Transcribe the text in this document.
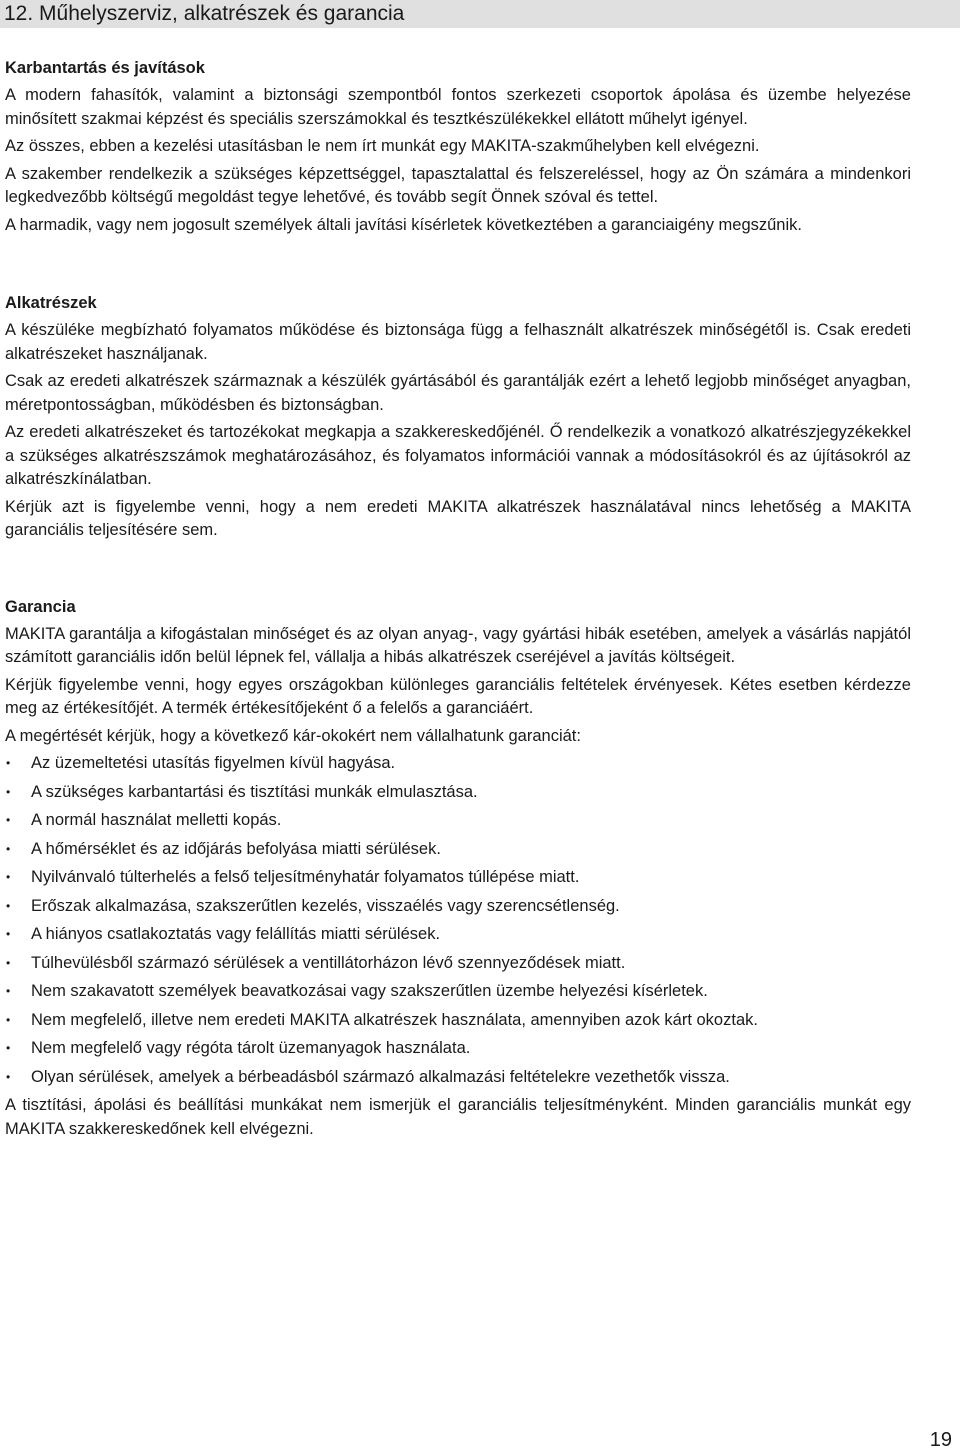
12. Műhelyszerviz, alkatrészek és garancia
Karbantartás és javítások

A modern fahasítók, valamint a biztonsági szempontból fontos szerkezeti csoportok ápolása és üzembe helyezése minősített szakmai képzést és speciális szerszámokkal és tesztkészülékekkel ellátott műhelyt igényel.

Az összes, ebben a kezelési utasításban le nem írt munkát egy MAKITA-szakműhelyben kell elvégezni.

A szakember rendelkezik a szükséges képzettséggel, tapasztalattal és felszereléssel, hogy az Ön számára a mindenkori legkedvezőbb költségű megoldást tegye lehetővé, és tovább segít Önnek szóval és tettel.

A harmadik, vagy nem jogosult személyek általi javítási kísérletek következtében a garanciaigény megszűnik.

Alkatrészek

A készüléke megbízható folyamatos működése és biztonsága függ a felhasznált alkatrészek minőségétől is. Csak eredeti alkatrészeket használjanak.

Csak az eredeti alkatrészek származnak a készülék gyártásából és garantálják ezért a lehető legjobb minőséget anyagban, méretpontosságban, működésben és biztonságban.

Az eredeti alkatrészeket és tartozékokat megkapja a szakkereskedőjénél. Ő rendelkezik a vonatkozó alkatrészjegyzékekkel a szükséges alkatrészszámok meghatározásához, és folyamatos információi vannak a módosításokról és az újításokról az alkatrészkínálatban.

Kérjük azt is figyelembe venni, hogy a nem eredeti MAKITA alkatrészek használatával nincs lehetőség a MAKITA garanciális teljesítésére sem.

Garancia

MAKITA garantálja a kifogástalan minőséget és az olyan anyag-, vagy gyártási hibák esetében, amelyek a vásárlás napjától számított garanciális időn belül lépnek fel, vállalja a hibás alkatrészek cseréjével a javítás költségeit.

Kérjük figyelembe venni, hogy egyes országokban különleges garanciális feltételek érvényesek. Kétes esetben kérdezze meg az értékesítőjét. A termék értékesítőjeként ő a felelős a garanciáért.

A megértését kérjük, hogy a következő kár-okokért nem vállalhatunk garanciát:

• Az üzemeltetési utasítás figyelmen kívül hagyása.
• A szükséges karbantartási és tisztítási munkák elmulasztása.
• A normál használat melletti kopás.
• A hőmérséklet és az időjárás befolyása miatti sérülések.
• Nyilvánvaló túlterhelés a felső teljesítményhatár folyamatos túllépése miatt.
• Erőszak alkalmazása, szakszerűtlen kezelés, visszaélés vagy szerencsétlenség.
• A hiányos csatlakoztatás vagy felállítás miatti sérülések.
• Túlhevülésből származó sérülések a ventillátorházon lévő szennyeződések miatt.
• Nem szakavatott személyek beavatkozásai vagy szakszerűtlen üzembe helyezési kísérletek.
• Nem megfelelő, illetve nem eredeti MAKITA alkatrészek használata, amennyiben azok kárt okoztak.
• Nem megfelelő vagy régóta tárolt üzemanyagok használata.
• Olyan sérülések, amelyek a bérbeadásból származó alkalmazási feltételekre vezethetők vissza.

A tisztítási, ápolási és beállítási munkákat nem ismerjük el garanciális teljesítményként. Minden garanciális munkát egy MAKITA szakkereskedőnek kell elvégezni.

19
